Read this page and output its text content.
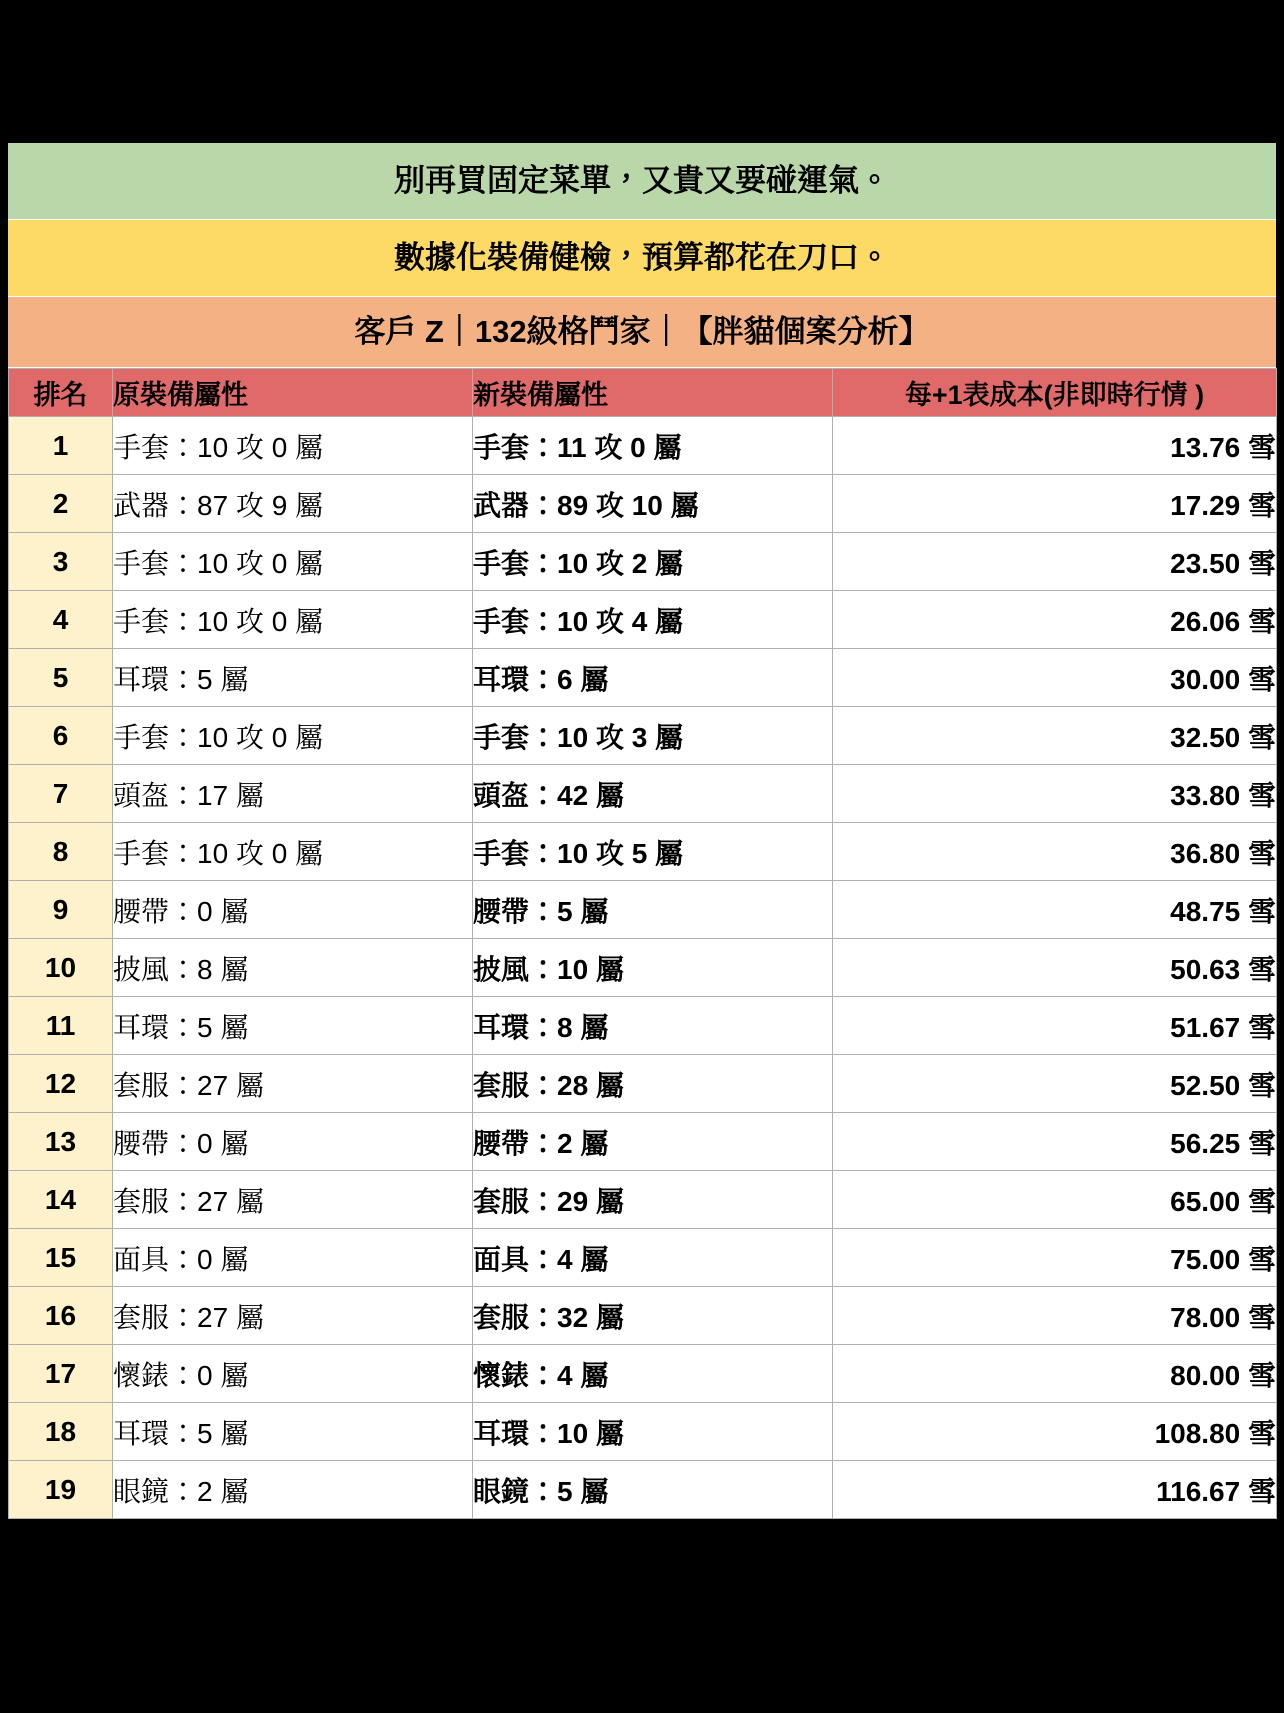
別再買固定菜單，又貴又要碰運氣。
數據化裝備健檢，預算都花在刀口。
客戶 Z｜132級格鬥家｜【胖貓個案分析】
排名	原裝備屬性	新裝備屬性	每+1表成本(非即時行情 )
1	手套：10 攻 0 屬	手套：11 攻 0 屬	13.76 雪
2	武器：87 攻 9 屬	武器：89 攻 10 屬	17.29 雪
3	手套：10 攻 0 屬	手套：10 攻 2 屬	23.50 雪
4	手套：10 攻 0 屬	手套：10 攻 4 屬	26.06 雪
5	耳環：5 屬	耳環：6 屬	30.00 雪
6	手套：10 攻 0 屬	手套：10 攻 3 屬	32.50 雪
7	頭盔：17 屬	頭盔：42 屬	33.80 雪
8	手套：10 攻 0 屬	手套：10 攻 5 屬	36.80 雪
9	腰帶：0 屬	腰帶：5 屬	48.75 雪
10	披風：8 屬	披風：10 屬	50.63 雪
11	耳環：5 屬	耳環：8 屬	51.67 雪
12	套服：27 屬	套服：28 屬	52.50 雪
13	腰帶：0 屬	腰帶：2 屬	56.25 雪
14	套服：27 屬	套服：29 屬	65.00 雪
15	面具：0 屬	面具：4 屬	75.00 雪
16	套服：27 屬	套服：32 屬	78.00 雪
17	懷錶：0 屬	懷錶：4 屬	80.00 雪
18	耳環：5 屬	耳環：10 屬	108.80 雪
19	眼鏡：2 屬	眼鏡：5 屬	116.67 雪
